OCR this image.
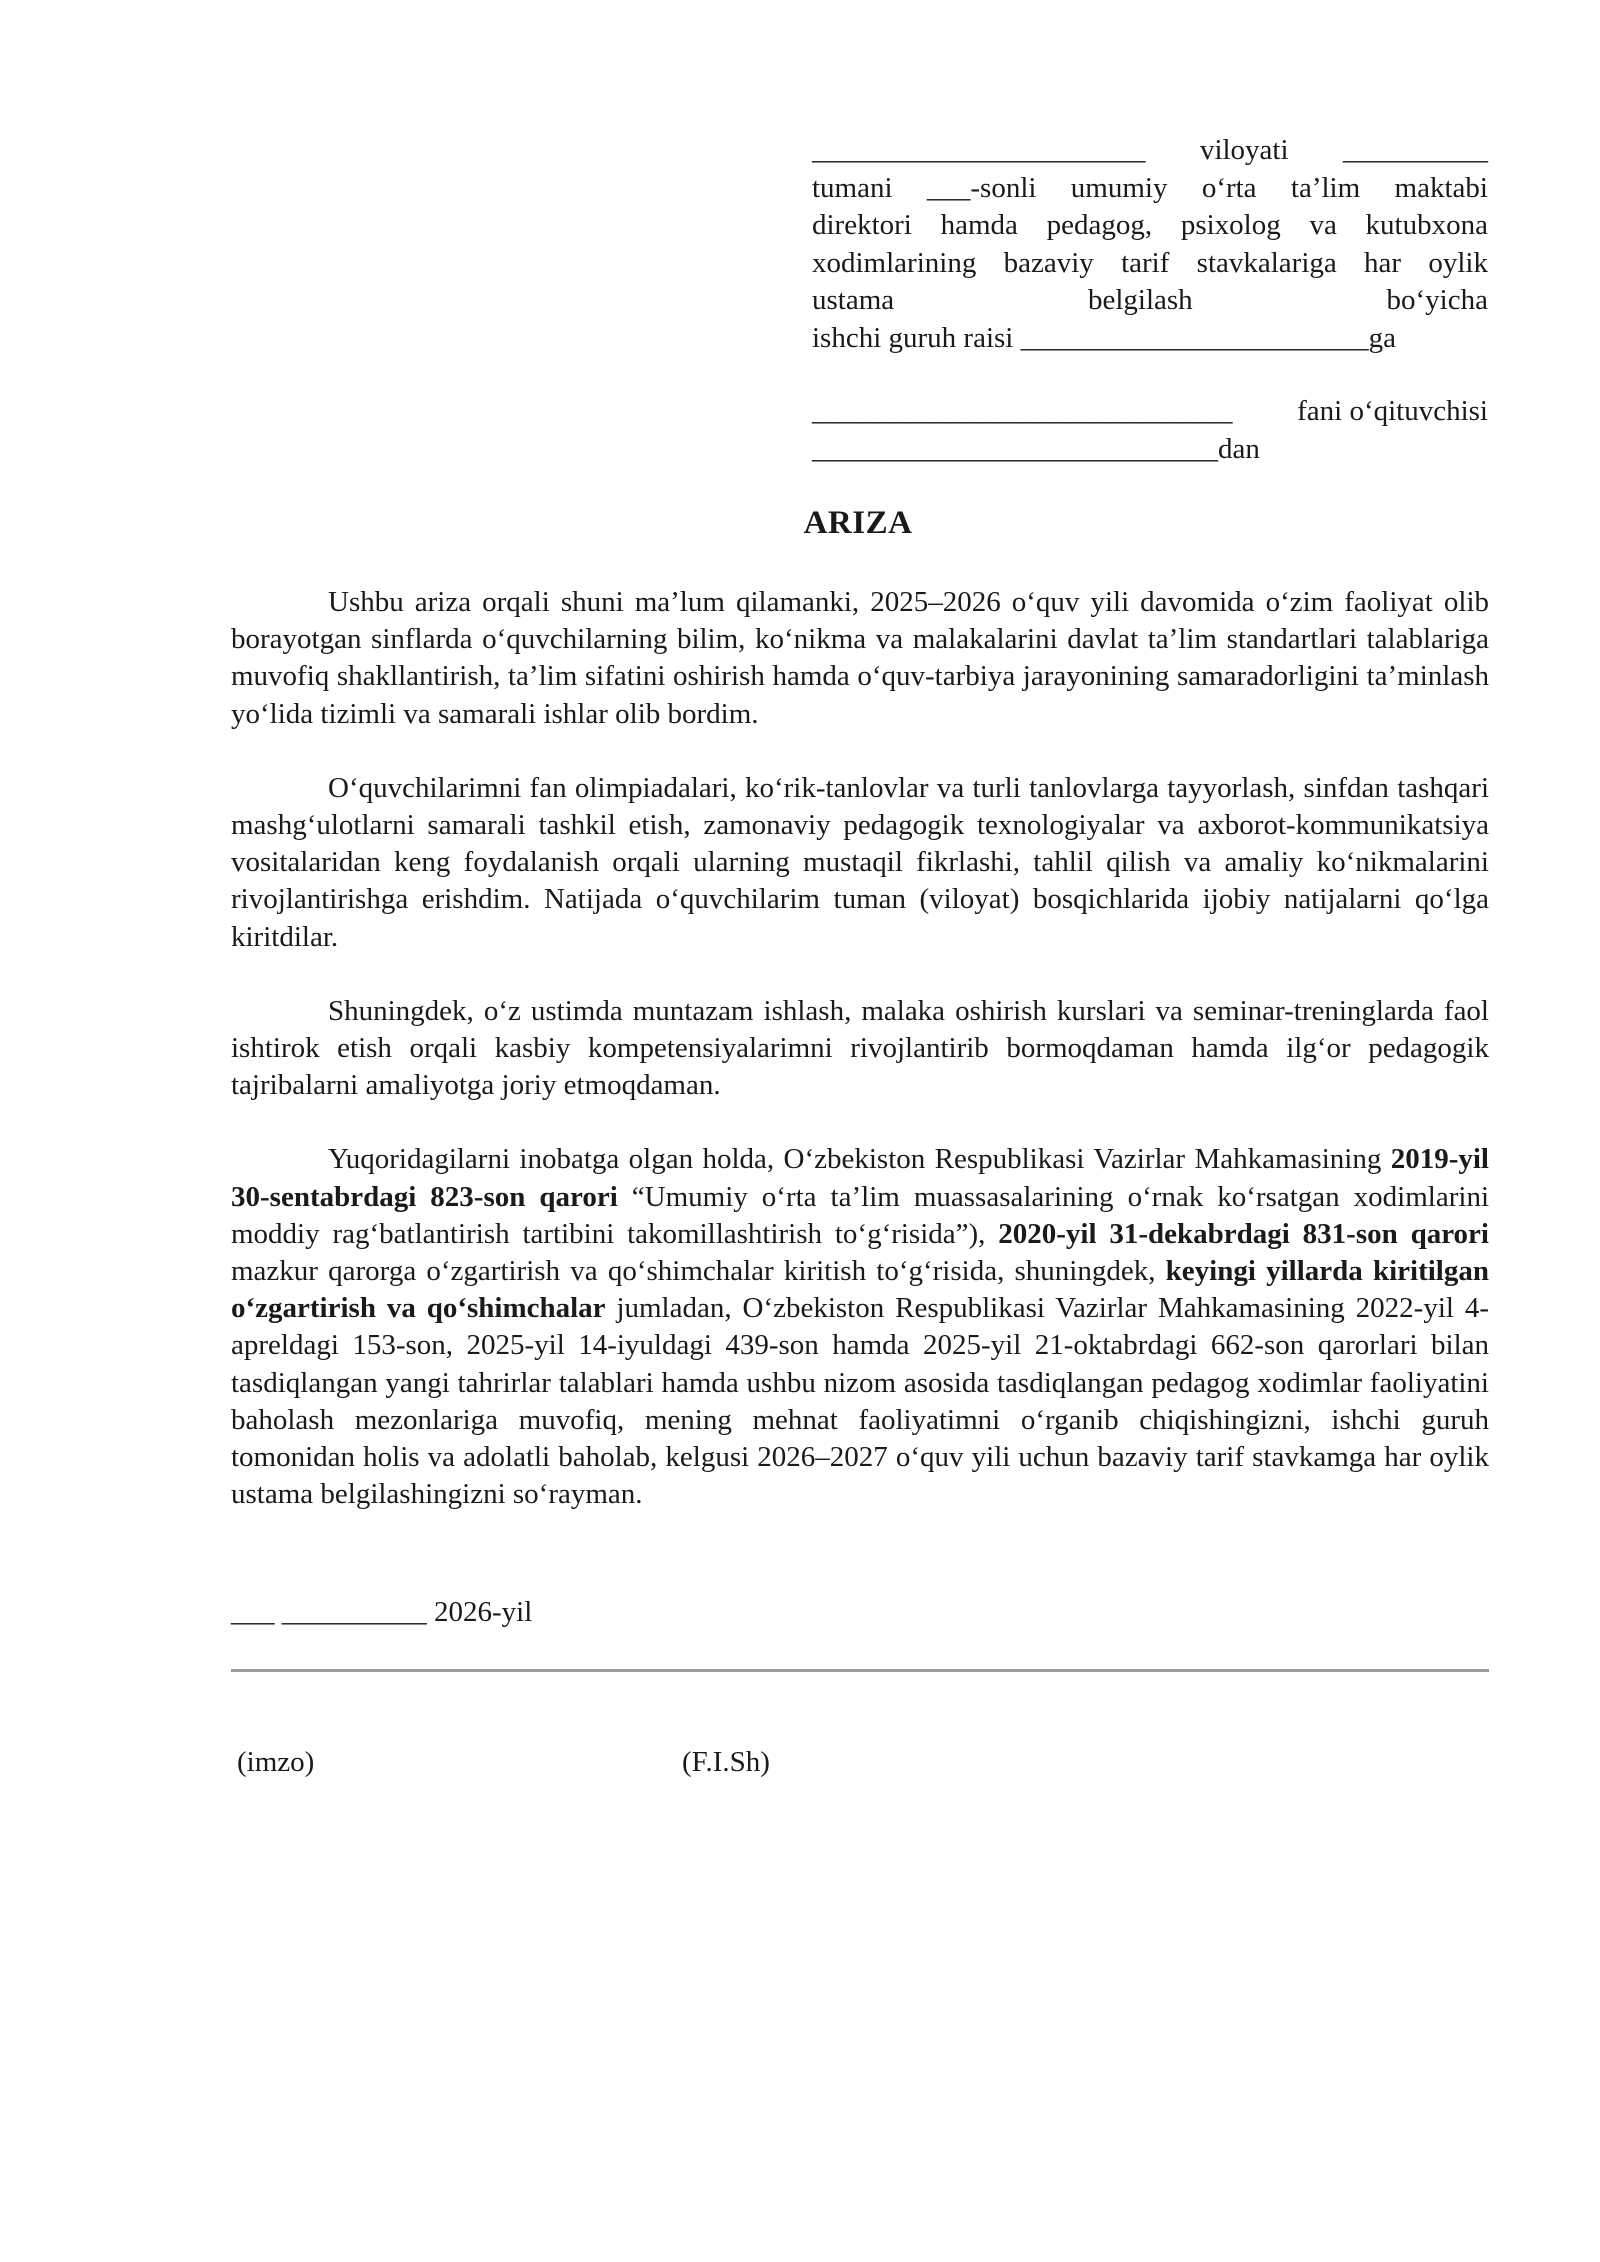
_______________________ viloyati __________
tumani ___-sonli umumiy o‘rta ta’lim maktabi
direktori hamda pedagog, psixolog va kutubxona
xodimlarining bazaviy tarif stavkalariga har oylik
ustama	belgilash	bo‘yicha
ishchi guruh raisi ________________________ga
_____________________________ fani o‘qituvchisi
____________________________dan
ARIZA

Ushbu ariza orqali shuni ma’lum qilamanki, 2025–2026 o‘quv yili davomida o‘zim faoliyat olib borayotgan sinflarda o‘quvchilarning bilim, ko‘nikma va malakalarini davlat ta’lim standartlari talablariga muvofiq shakllantirish, ta’lim sifatini oshirish hamda o‘quv-tarbiya jarayonining samaradorligini ta’minlash yo‘lida tizimli va samarali ishlar olib bordim.

O‘quvchilarimni fan olimpiadalari, ko‘rik-tanlovlar va turli tanlovlarga tayyorlash, sinfdan tashqari mashg‘ulotlarni samarali tashkil etish, zamonaviy pedagogik texnologiyalar va axborot-kommunikatsiya vositalaridan keng foydalanish orqali ularning mustaqil fikrlashi, tahlil qilish va amaliy ko‘nikmalarini rivojlantirishga erishdim. Natijada o‘quvchilarim tuman (viloyat) bosqichlarida ijobiy natijalarni qo‘lga kiritdilar.

Shuningdek, o‘z ustimda muntazam ishlash, malaka oshirish kurslari va seminar-treninglarda faol ishtirok etish orqali kasbiy kompetensiyalarimni rivojlantirib bormoqdaman hamda ilg‘or pedagogik tajribalarni amaliyotga joriy etmoqdaman.

Yuqoridagilarni inobatga olgan holda, O‘zbekiston Respublikasi Vazirlar Mahkamasining 2019-yil 30-sentabrdagi 823-son qarori “Umumiy o‘rta ta’lim muassasalarining o‘rnak ko‘rsatgan xodimlarini moddiy rag‘batlantirish tartibini takomillashtirish to‘g‘risida”), 2020-yil 31-dekabrdagi 831-son qarori mazkur qarorga o‘zgartirish va qo‘shimchalar kiritish to‘g‘risida, shuningdek, keyingi yillarda kiritilgan o‘zgartirish va qo‘shimchalar jumladan, O‘zbekiston Respublikasi Vazirlar Mahkamasining 2022-yil 4-apreldagi 153-son, 2025-yil 14-iyuldagi 439-son hamda 2025-yil 21-oktabrdagi 662-son qarorlari bilan tasdiqlangan yangi tahrirlar talablari hamda ushbu nizom asosida tasdiqlangan pedagog xodimlar faoliyatini baholash mezonlariga muvofiq, mening mehnat faoliyatimni o‘rganib chiqishingizni, ishchi guruh tomonidan holis va adolatli baholab, kelgusi 2026–2027 o‘quv yili uchun bazaviy tarif stavkamga har oylik ustama belgilashingizni so‘rayman.

___ __________ 2026-yil
(imzo)	(F.I.Sh)
